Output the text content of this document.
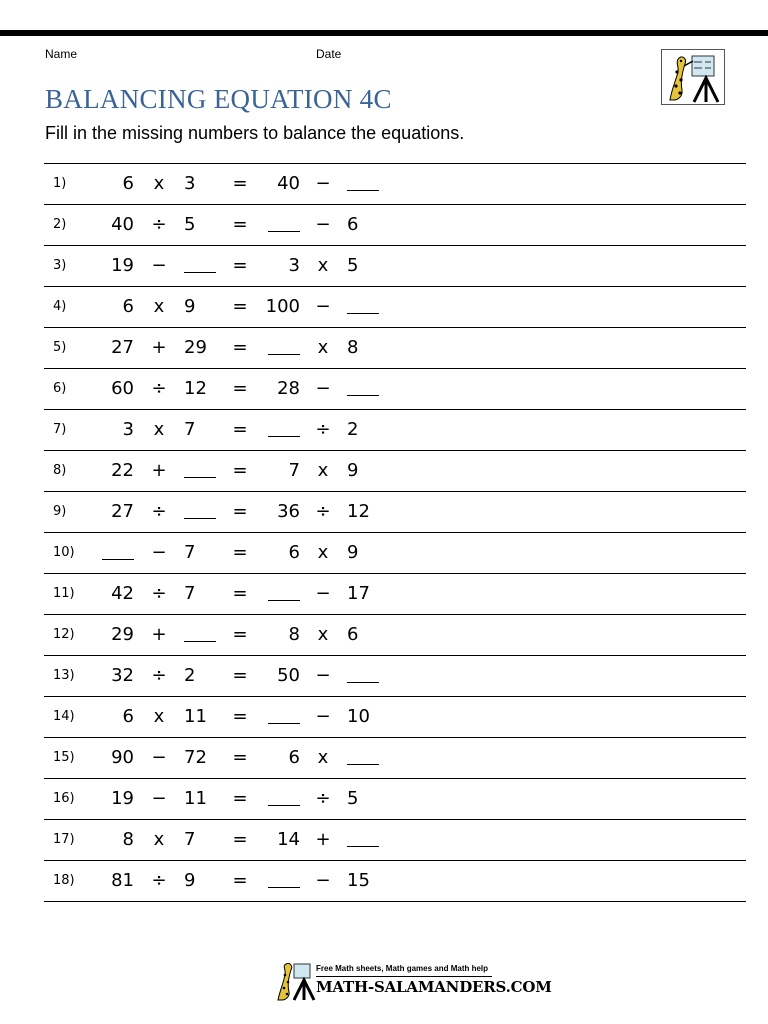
Name	Date
BALANCING EQUATION 4C
Fill in the missing numbers to balance the equations.
1)	6 x 3	=	40 −
2)	40 ÷ 5	=	− 6
3)	19 −	=	3 x 5
4)	6 x 9	=	100 −
5)	27 + 29	=	x 8
6)	60 ÷ 12	=	28 −
7)	3 x 7	=	÷ 2
8)	22 +	=	7 x 9
9)	27 ÷	=	36 ÷ 12
10)	− 7	=	6 x 9
11)	42 ÷ 7	=	− 17
12)	29 +	=	8 x 6
13)	32 ÷ 2	=	50 −
14)	6 x 11	=	− 10
15)	90 − 72	=	6 x
16)	19 − 11	=	÷ 5
17)	8 x 7	=	14 +
18)	81 ÷ 9	=	− 15
Free Math sheets, Math games and Math help
MATH-SALAMANDERS.COM
